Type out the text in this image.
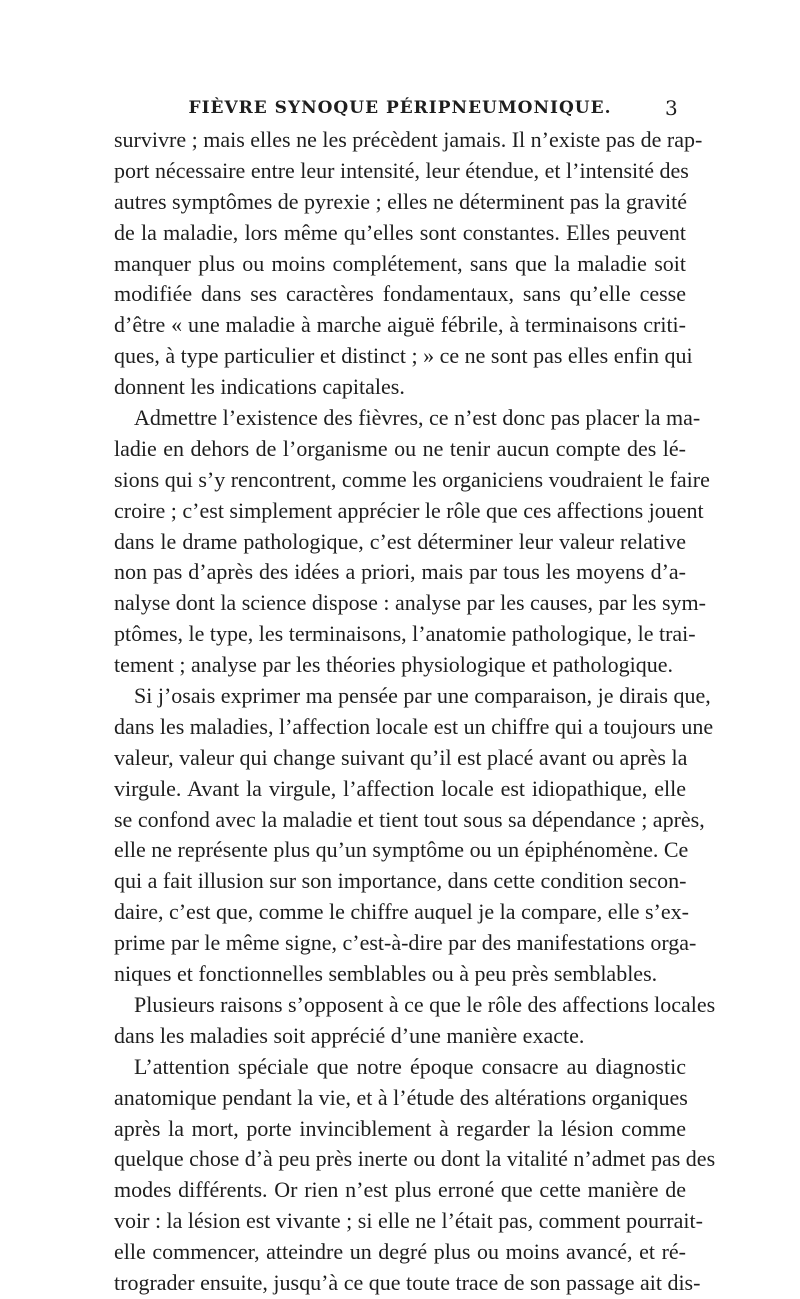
FIÈVRE SYNOQUE PÉRIPNEUMONIQUE.	3
survivre ; mais elles ne les précèdent jamais. Il n’existe pas de rap-
port nécessaire entre leur intensité, leur étendue, et l’intensité des
autres symptômes de pyrexie ; elles ne déterminent pas la gravité
de la maladie, lors même qu’elles sont constantes. Elles peuvent
manquer plus ou moins complétement, sans que la maladie soit
modifiée dans ses caractères fondamentaux, sans qu’elle cesse
d’être « une maladie à marche aiguë fébrile, à terminaisons criti-
ques, à type particulier et distinct ; » ce ne sont pas elles enfin qui
donnent les indications capitales.
Admettre l’existence des fièvres, ce n’est donc pas placer la ma-
ladie en dehors de l’organisme ou ne tenir aucun compte des lé-
sions qui s’y rencontrent, comme les organiciens voudraient le faire
croire ; c’est simplement apprécier le rôle que ces affections jouent
dans le drame pathologique, c’est déterminer leur valeur relative
non pas d’après des idées a priori, mais par tous les moyens d’a-
nalyse dont la science dispose : analyse par les causes, par les sym-
ptômes, le type, les terminaisons, l’anatomie pathologique, le trai-
tement ; analyse par les théories physiologique et pathologique.
Si j’osais exprimer ma pensée par une comparaison, je dirais que,
dans les maladies, l’affection locale est un chiffre qui a toujours une
valeur, valeur qui change suivant qu’il est placé avant ou après la
virgule. Avant la virgule, l’affection locale est idiopathique, elle
se confond avec la maladie et tient tout sous sa dépendance ; après,
elle ne représente plus qu’un symptôme ou un épiphénomène. Ce
qui a fait illusion sur son importance, dans cette condition secon-
daire, c’est que, comme le chiffre auquel je la compare, elle s’ex-
prime par le même signe, c’est-à-dire par des manifestations orga-
niques et fonctionnelles semblables ou à peu près semblables.
Plusieurs raisons s’opposent à ce que le rôle des affections locales
dans les maladies soit apprécié d’une manière exacte.
L’attention spéciale que notre époque consacre au diagnostic
anatomique pendant la vie, et à l’étude des altérations organiques
après la mort, porte invinciblement à regarder la lésion comme
quelque chose d’à peu près inerte ou dont la vitalité n’admet pas des
modes différents. Or rien n’est plus erroné que cette manière de
voir : la lésion est vivante ; si elle ne l’était pas, comment pourrait-
elle commencer, atteindre un degré plus ou moins avancé, et ré-
trograder ensuite, jusqu’à ce que toute trace de son passage ait dis-
